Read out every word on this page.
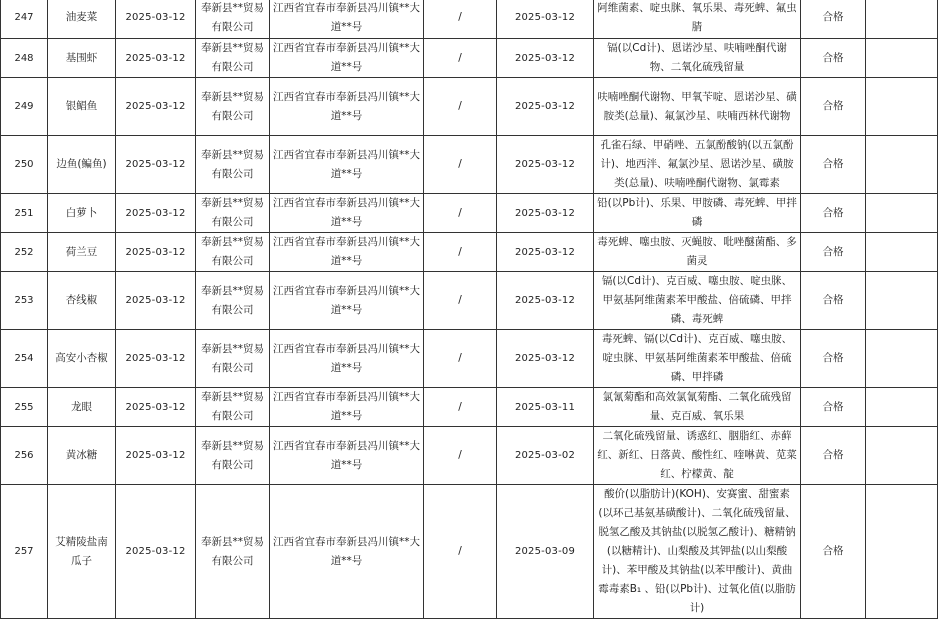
247	油麦菜	2025-03-12	奉新县**贸易有限公司	江西省宜春市奉新县冯川镇**大道**号	/	2025-03-12	阿维菌素、啶虫脒、氧乐果、毒死蜱、氟虫腈	合格	
248	基围虾	2025-03-12	奉新县**贸易有限公司	江西省宜春市奉新县冯川镇**大道**号	/	2025-03-12	镉(以Cd计)、恩诺沙星、呋喃唑酮代谢物、二氧化硫残留量	合格	
249	银鲳鱼	2025-03-12	奉新县**贸易有限公司	江西省宜春市奉新县冯川镇**大道**号	/	2025-03-12	呋喃唑酮代谢物、甲氧苄啶、恩诺沙星、磺胺类(总量)、氟氯沙星、呋喃西林代谢物	合格	
250	边鱼(鳊鱼)	2025-03-12	奉新县**贸易有限公司	江西省宜春市奉新县冯川镇**大道**号	/	2025-03-12	孔雀石绿、甲硝唑、五氯酚酸钠(以五氯酚计)、地西泮、氟氯沙星、恩诺沙星、磺胺类(总量)、呋喃唑酮代谢物、氯霉素	合格	
251	白萝卜	2025-03-12	奉新县**贸易有限公司	江西省宜春市奉新县冯川镇**大道**号	/	2025-03-12	铅(以Pb计)、乐果、甲胺磷、毒死蜱、甲拌磷	合格	
252	荷兰豆	2025-03-12	奉新县**贸易有限公司	江西省宜春市奉新县冯川镇**大道**号	/	2025-03-12	毒死蜱、噻虫胺、灭蝇胺、吡唑醚菌酯、多菌灵	合格	
253	杏线椒	2025-03-12	奉新县**贸易有限公司	江西省宜春市奉新县冯川镇**大道**号	/	2025-03-12	镉(以Cd计)、克百威、噻虫胺、啶虫脒、甲氨基阿维菌素苯甲酸盐、倍硫磷、甲拌磷、毒死蜱	合格	
254	高安小杏椒	2025-03-12	奉新县**贸易有限公司	江西省宜春市奉新县冯川镇**大道**号	/	2025-03-12	毒死蜱、镉(以Cd计)、克百威、噻虫胺、啶虫脒、甲氨基阿维菌素苯甲酸盐、倍硫磷、甲拌磷	合格	
255	龙眼	2025-03-12	奉新县**贸易有限公司	江西省宜春市奉新县冯川镇**大道**号	/	2025-03-11	氯氰菊酯和高效氯氰菊酯、二氧化硫残留量、克百威、氧乐果	合格	
256	黄冰糖	2025-03-12	奉新县**贸易有限公司	江西省宜春市奉新县冯川镇**大道**号	/	2025-03-02	二氧化硫残留量、诱惑红、胭脂红、赤藓红、新红、日落黄、酸性红、喹啉黄、苋菜红、柠檬黄、靛	合格	
257	艾精陵盐南瓜子	2025-03-12	奉新县**贸易有限公司	江西省宜春市奉新县冯川镇**大道**号	/	2025-03-09	酸价(以脂肪计)(KOH)、安赛蜜、甜蜜素(以环己基氨基磺酸计)、二氧化硫残留量、脱氢乙酸及其钠盐(以脱氢乙酸计)、糖精钠(以糖精计)、山梨酸及其钾盐(以山梨酸计)、苯甲酸及其钠盐(以苯甲酸计)、黄曲霉毒素B₁ 、铅(以Pb计)、过氧化值(以脂肪计)	合格	
